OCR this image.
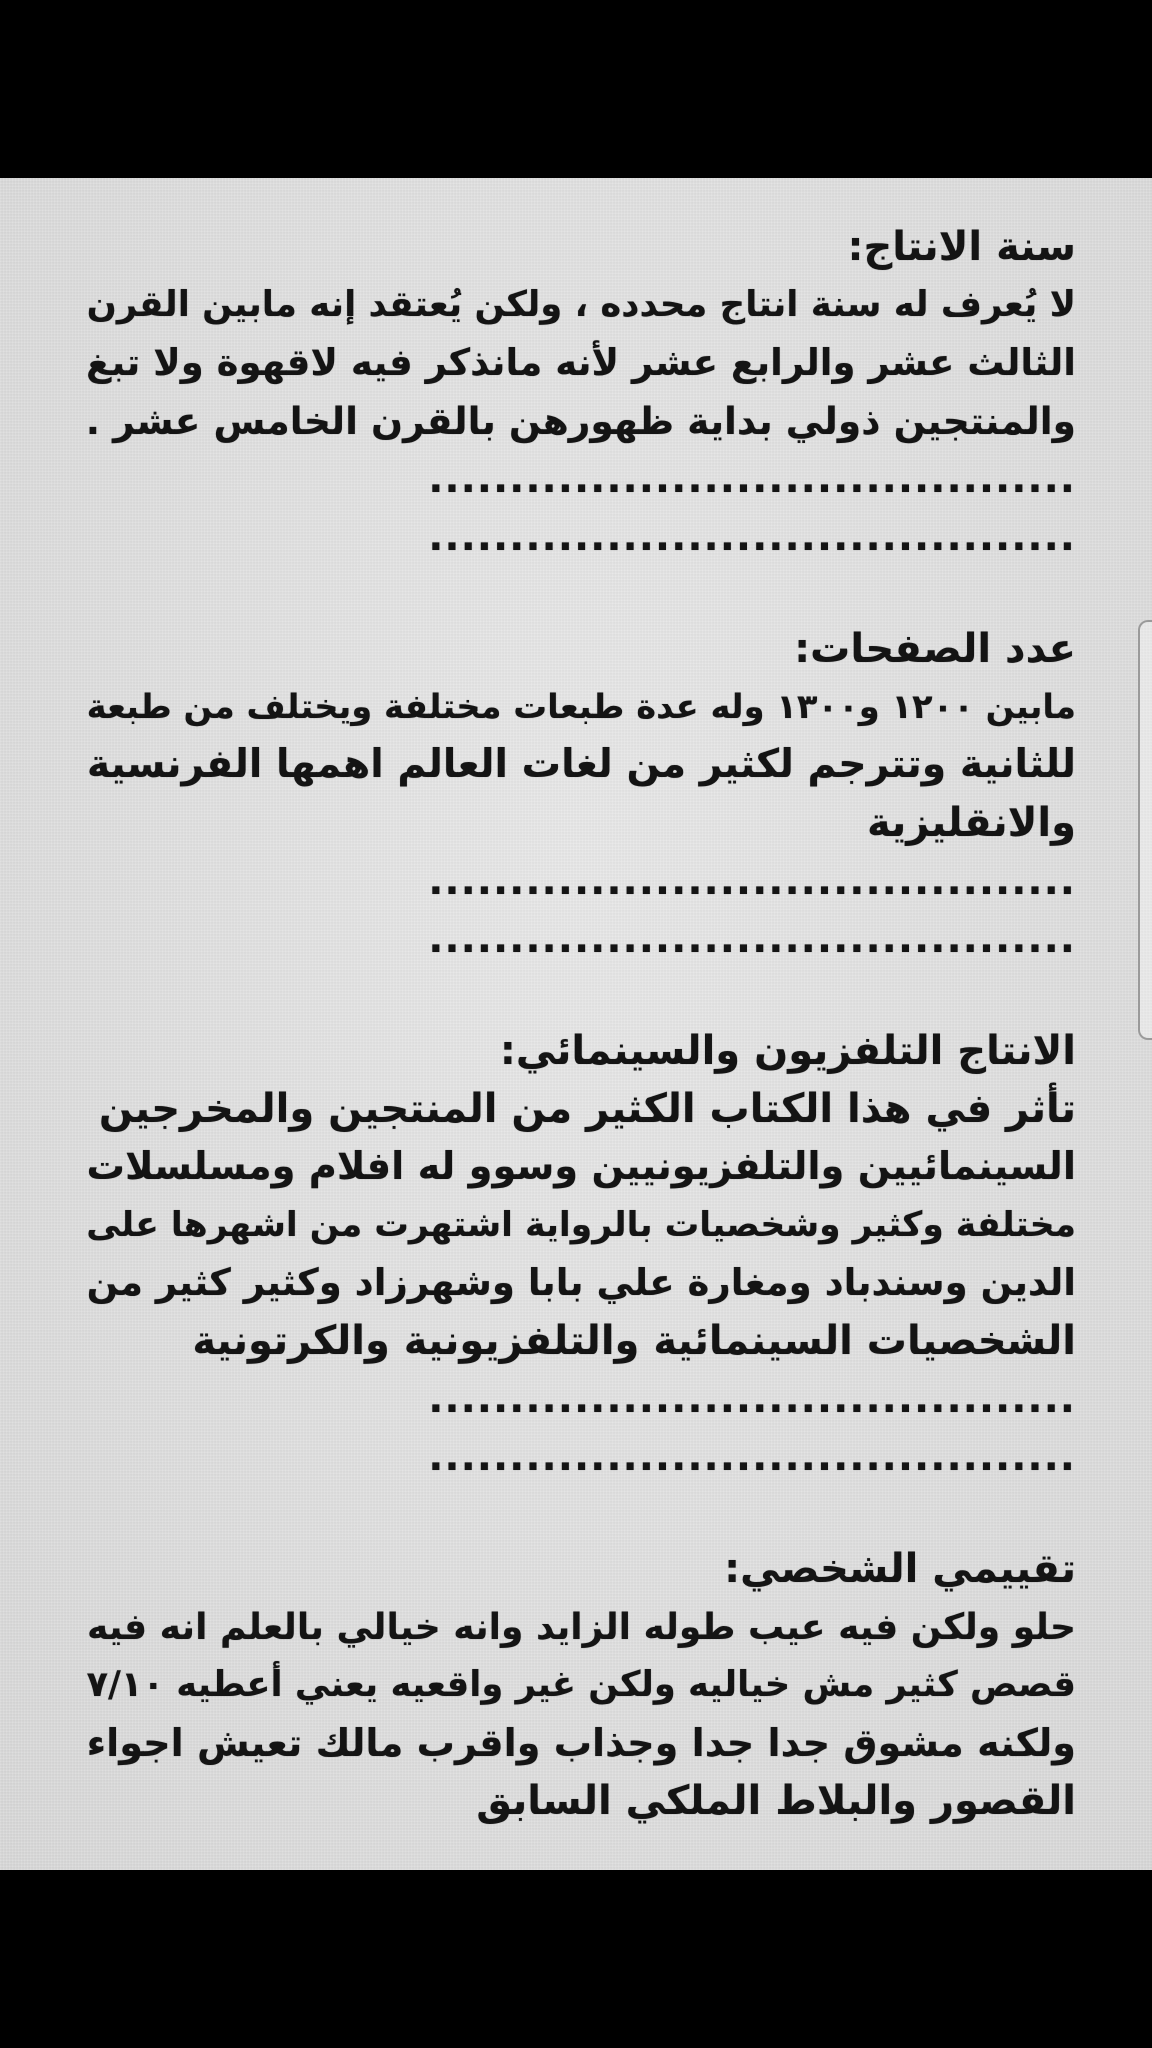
سنة الانتاج:
لا يُعرف له سنة انتاج محدده ، ولكن يُعتقد إنه مابين القرن
الثالث عشر والرابع عشر لأنه مانذكر فيه لاقهوة ولا تبغ
والمنتجين ذولي بداية ظهورهن بالقرن الخامس عشر .
........................................
........................................
عدد الصفحات:
مابين ١٢٠٠ و١٣٠٠ وله عدة طبعات مختلفة ويختلف من طبعة
للثانية وتترجم لكثير من لغات العالم اهمها الفرنسية
والانقليزية
........................................
........................................
الانتاج التلفزيون والسينمائي:
تأثر في هذا الكتاب الكثير من المنتجين والمخرجين
السينمائيين والتلفزيونيين وسوو له افلام ومسلسلات
مختلفة وكثير وشخصيات بالرواية اشتهرت من اشهرها على
الدين وسندباد ومغارة علي بابا وشهرزاد وكثير كثير من
الشخصيات السينمائية والتلفزيونية والكرتونية
........................................
........................................
تقييمي الشخصي:
حلو ولكن فيه عيب طوله الزايد وانه خيالي بالعلم انه فيه
قصص كثير مش خياليه ولكن غير واقعيه يعني أعطيه ٧/١٠
ولكنه مشوق جدا جدا وجذاب واقرب مالك تعيش اجواء
القصور والبلاط الملكي السابق
